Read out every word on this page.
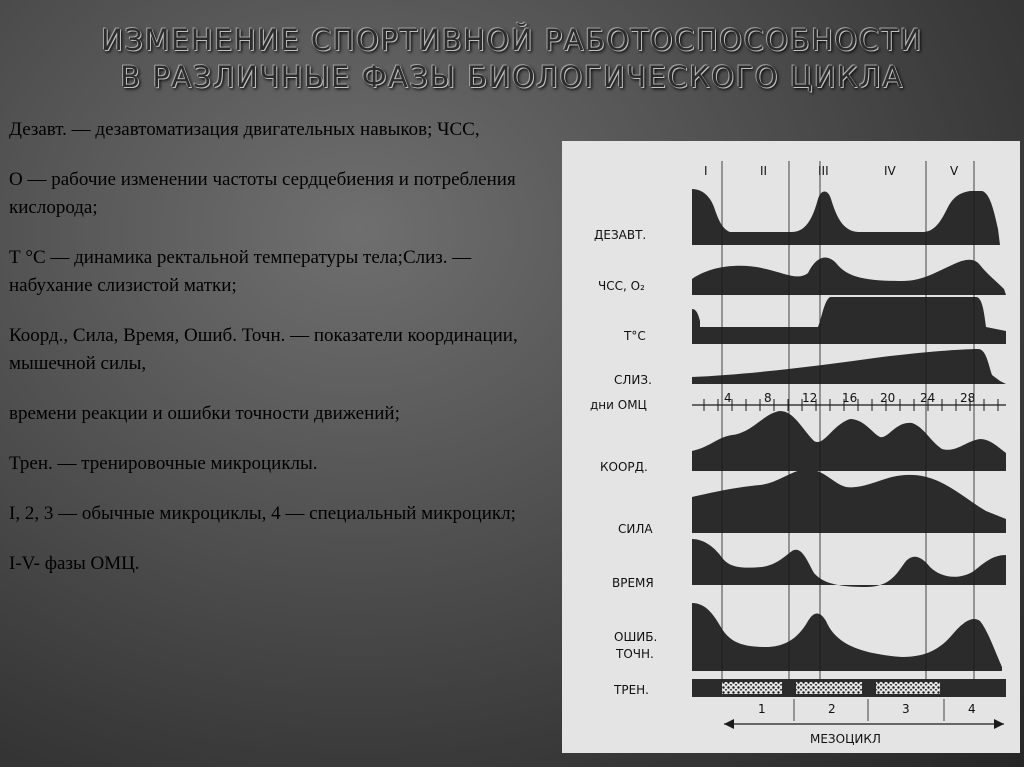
ИЗМЕНЕНИЕ СПОРТИВНОЙ РАБОТОСПОСОБНОСТИ
В РАЗЛИЧНЫЕ ФАЗЫ БИОЛОГИЧЕСКОГО ЦИКЛА

Дезавт. — дезавтоматизация двигательных навыков; ЧСС,

О — рабочие изменении частоты сердцебиения и потребления кислорода;

Т °С — динамика ректальной температуры тела;Слиз. — набухание слизистой матки;

Коорд., Сила, Время, Ошиб. Точн. — показатели координации, мышечной силы,

времени реакции и ошибки точности движений;

Трен. — тренировочные микроциклы.

I, 2, 3 — обычные микроциклы, 4 — специальный микроцикл;

I-V- фазы ОМЦ.

I	II	III	IV	V
ДЕЗАВТ.
ЧСС, О₂
Т°С
СЛИЗ.
КООРД.
СИЛА
ВРЕМЯ
ОШИБ.
ТОЧН.
ТРЕН.
дни ОМЦ	4	8	12 16 20 24 28
1	2	3	4
МЕЗОЦИКЛ
